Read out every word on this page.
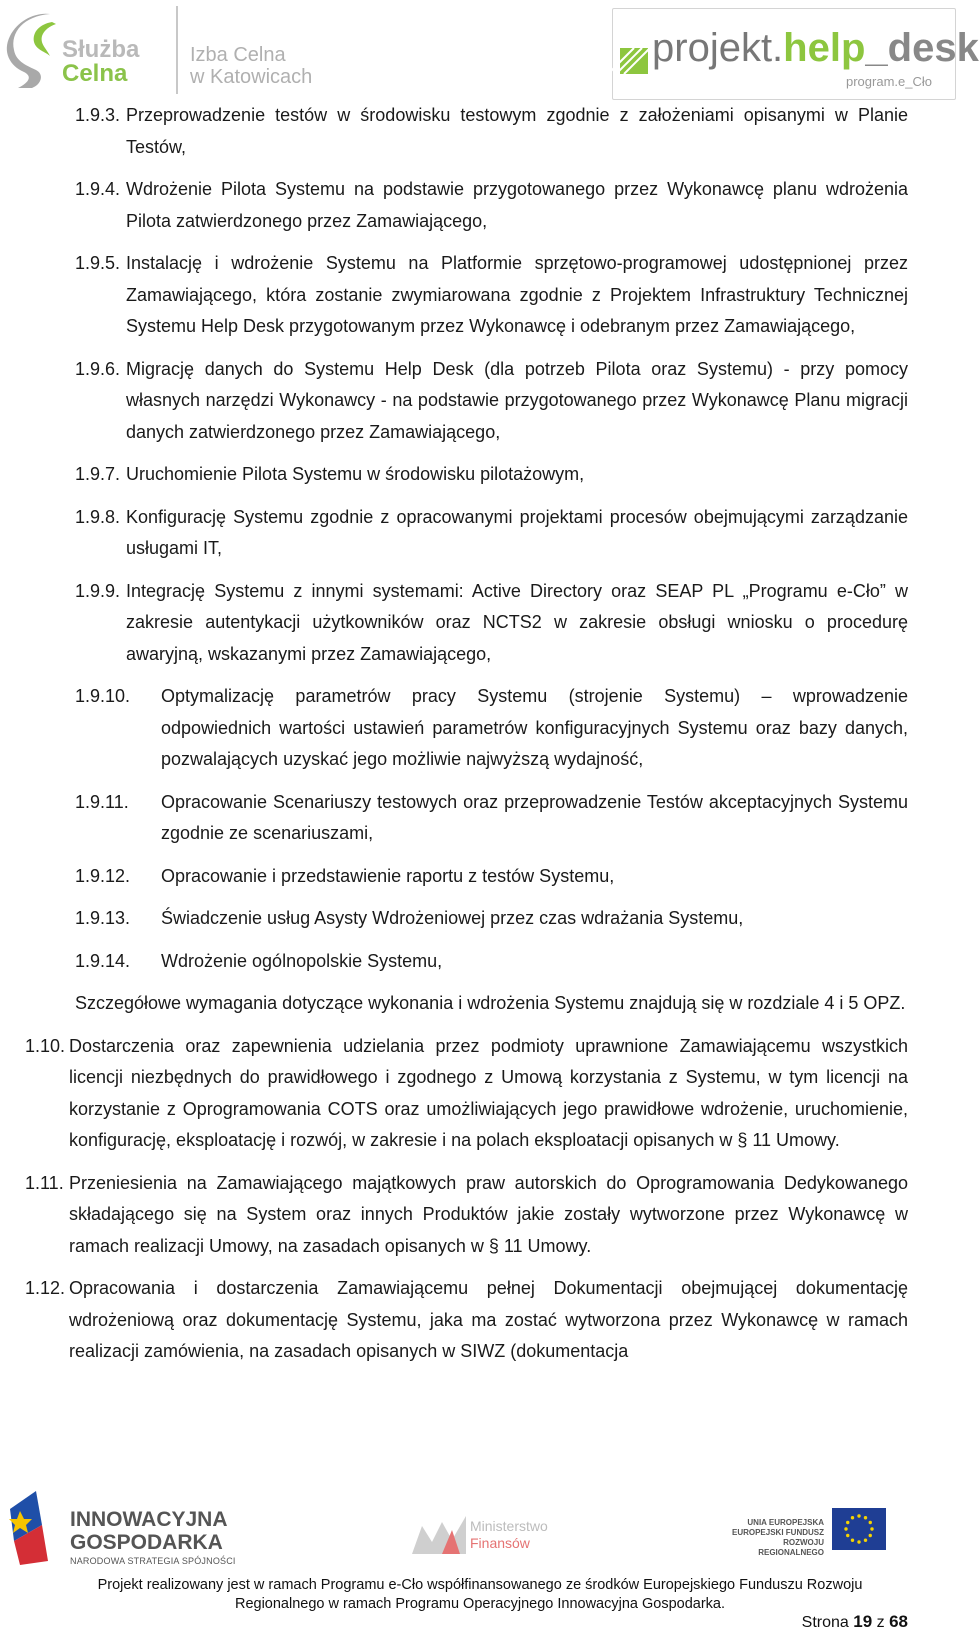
Służba
Celna
Izba Celna
w Katowicach
projekt.help_desk
program.e_Cło
1.9.3. Przeprowadzenie testów w środowisku testowym zgodnie z założeniami opisanymi w Planie Testów,
1.9.4. Wdrożenie Pilota Systemu na podstawie przygotowanego przez Wykonawcę planu wdrożenia Pilota zatwierdzonego przez Zamawiającego,
1.9.5. Instalację i wdrożenie Systemu na Platformie sprzętowo-programowej udostępnionej przez Zamawiającego, która zostanie zwymiarowana zgodnie z Projektem Infrastruktury Technicznej Systemu Help Desk przygotowanym przez Wykonawcę i odebranym przez Zamawiającego,
1.9.6. Migrację danych do Systemu Help Desk (dla potrzeb Pilota oraz Systemu) - przy pomocy własnych narzędzi Wykonawcy - na podstawie przygotowanego przez Wykonawcę Planu migracji danych zatwierdzonego przez Zamawiającego,
1.9.7. Uruchomienie Pilota Systemu w środowisku pilotażowym,
1.9.8. Konfigurację Systemu zgodnie z opracowanymi projektami procesów obejmującymi zarządzanie usługami IT,
1.9.9. Integrację Systemu z innymi systemami: Active Directory oraz SEAP PL „Programu e-Cło” w zakresie autentykacji użytkowników oraz NCTS2 w zakresie obsługi wniosku o procedurę awaryjną, wskazanymi przez Zamawiającego,
1.9.10. Optymalizację parametrów pracy Systemu (strojenie Systemu) – wprowadzenie odpowiednich wartości ustawień parametrów konfiguracyjnych Systemu oraz bazy danych, pozwalających uzyskać jego możliwie najwyższą wydajność,
1.9.11. Opracowanie Scenariuszy testowych oraz przeprowadzenie Testów akceptacyjnych Systemu zgodnie ze scenariuszami,
1.9.12. Opracowanie i przedstawienie raportu z testów Systemu,
1.9.13. Świadczenie usług Asysty Wdrożeniowej przez czas wdrażania Systemu,
1.9.14. Wdrożenie ogólnopolskie Systemu,
Szczegółowe wymagania dotyczące wykonania i wdrożenia Systemu znajdują się w rozdziale 4 i 5 OPZ.
1.10. Dostarczenia oraz zapewnienia udzielania przez podmioty uprawnione Zamawiającemu wszystkich licencji niezbędnych do prawidłowego i zgodnego z Umową korzystania z Systemu, w tym licencji na korzystanie z Oprogramowania COTS oraz umożliwiających jego prawidłowe wdrożenie, uruchomienie, konfigurację, eksploatację i rozwój, w zakresie i na polach eksploatacji opisanych w § 11 Umowy.
1.11. Przeniesienia na Zamawiającego majątkowych praw autorskich do Oprogramowania Dedykowanego składającego się na System oraz innych Produktów jakie zostały wytworzone przez Wykonawcę w ramach realizacji Umowy, na zasadach opisanych w § 11 Umowy.
1.12. Opracowania i dostarczenia Zamawiającemu pełnej Dokumentacji obejmującej dokumentację wdrożeniową oraz dokumentację Systemu, jaka ma zostać wytworzona przez Wykonawcę w ramach realizacji zamówienia, na zasadach opisanych w SIWZ (dokumentacja
INNOWACYJNA
GOSPODARKA
NARODOWA STRATEGIA SPÓJNOŚCI
Ministerstwo
Finansów
UNIA EUROPEJSKA EUROPEJSKI FUNDUSZ ROZWOJU REGIONALNEGO
Projekt realizowany jest w ramach Programu e-Cło współfinansowanego ze środków Europejskiego Funduszu Rozwoju
Regionalnego w ramach Programu Operacyjnego Innowacyjna Gospodarka.
Strona 19 z 68
